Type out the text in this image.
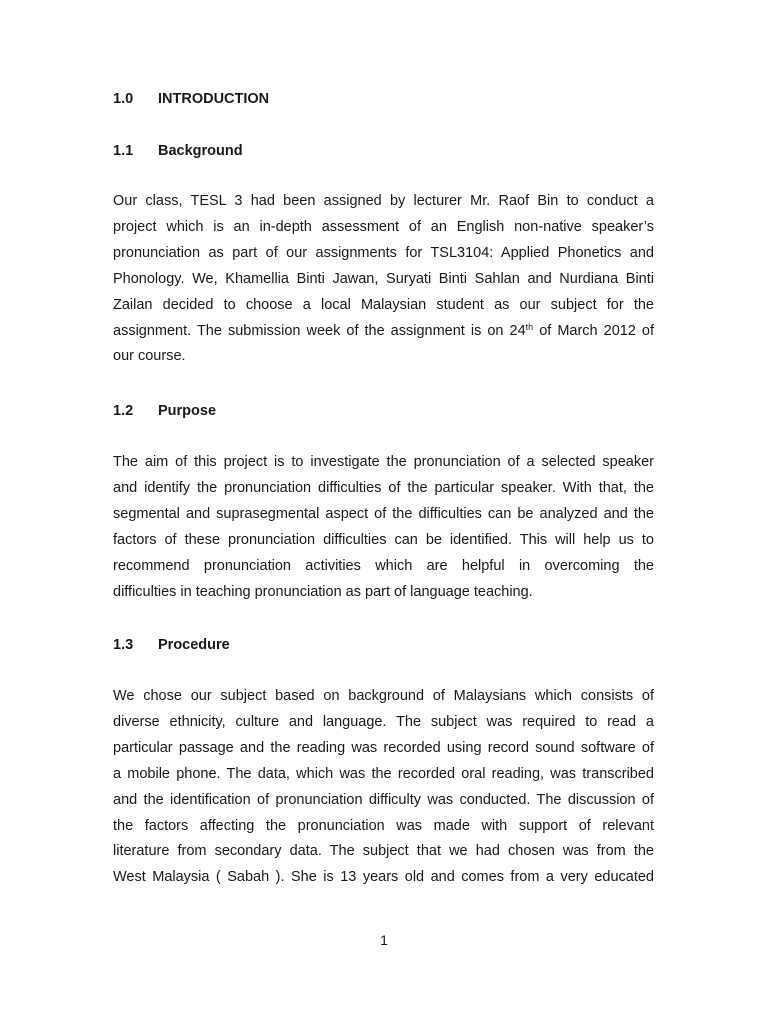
1.0 INTRODUCTION
1.1 Background
Our class, TESL 3 had been assigned by lecturer Mr. Raof Bin to conduct a
project which is an in-depth assessment of an English non-native speaker’s
pronunciation as part of our assignments for TSL3104: Applied Phonetics and
Phonology. We, Khamellia Binti Jawan, Suryati Binti Sahlan and Nurdiana Binti
Zailan decided to choose a local Malaysian student as our subject for the
assignment. The submission week of the assignment is on 24th of March 2012 of
our course.
1.2 Purpose
The aim of this project is to investigate the pronunciation of a selected speaker
and identify the pronunciation difficulties of the particular speaker. With that, the
segmental and suprasegmental aspect of the difficulties can be analyzed and the
factors of these pronunciation difficulties can be identified. This will help us to
recommend pronunciation activities which are helpful in overcoming the
difficulties in teaching pronunciation as part of language teaching.
1.3 Procedure
We chose our subject based on background of Malaysians which consists of
diverse ethnicity, culture and language. The subject was required to read a
particular passage and the reading was recorded using record sound software of
a mobile phone. The data, which was the recorded oral reading, was transcribed
and the identification of pronunciation difficulty was conducted. The discussion of
the factors affecting the pronunciation was made with support of relevant
literature from secondary data. The subject that we had chosen was from the
West Malaysia ( Sabah ). She is 13 years old and comes from a very educated
1
